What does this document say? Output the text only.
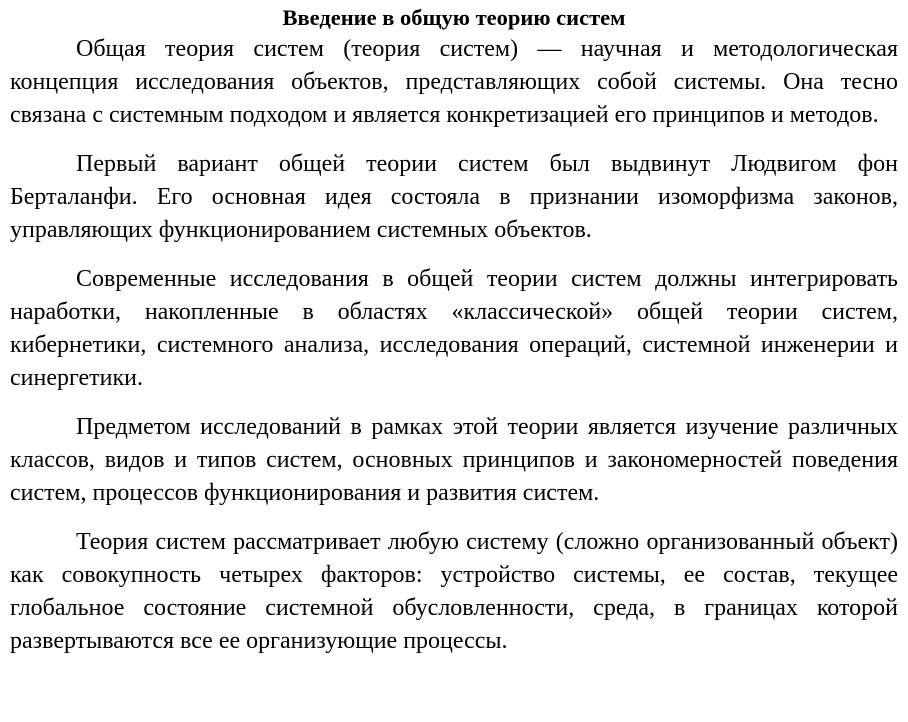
Введение в общую теорию систем

Общая теория систем (теория систем) — научная и методологическая концепция исследования объектов, представляющих собой системы. Она тесно связана с системным подходом и является конкретизацией его принципов и методов.

Первый вариант общей теории систем был выдвинут Людвигом фон Берталанфи. Его основная идея состояла в признании изоморфизма законов, управляющих функционированием системных объектов.

Современные исследования в общей теории систем должны интегрировать наработки, накопленные в областях «классической» общей теории систем, кибернетики, системного анализа, исследования операций, системной инженерии и синергетики.

Предметом исследований в рамках этой теории является изучение различных классов, видов и типов систем, основных принципов и закономерностей поведения систем, процессов функционирования и развития систем.

Теория систем рассматривает любую систему (сложно организованный объект) как совокупность четырех факторов: устройство системы, ее состав, текущее глобальное состояние системной обусловленности, среда, в границах которой развертываются все ее организующие процессы.
